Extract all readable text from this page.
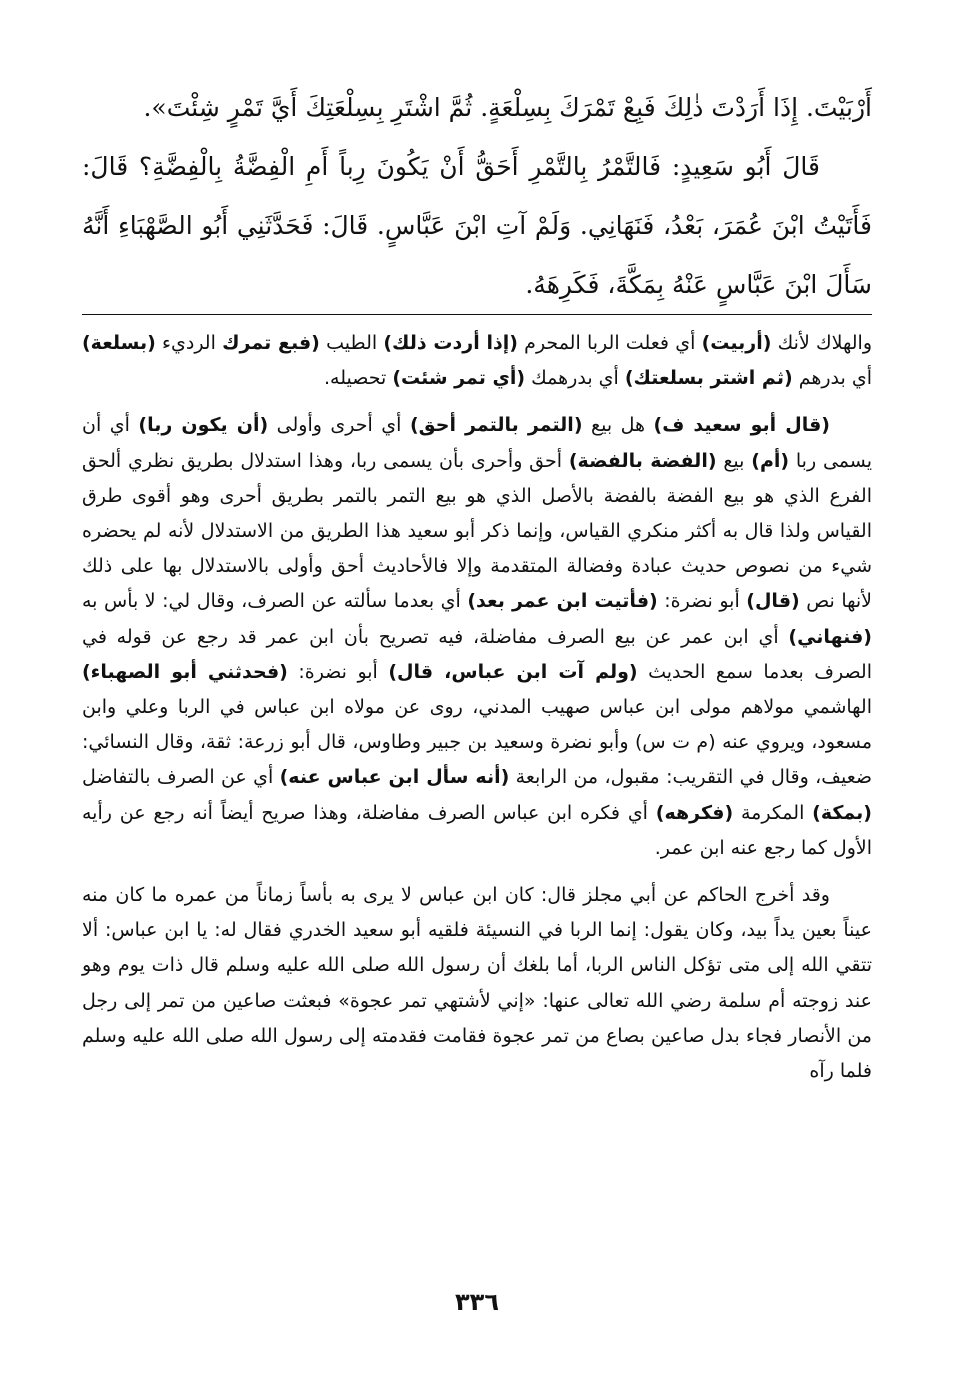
أَرْبَيْتَ. إِذَا أَرَدْتَ ذٰلِكَ فَبِعْ تَمْرَكَ بِسِلْعَةٍ. ثُمَّ اشْتَرِ بِسِلْعَتِكَ أَيَّ تَمْرٍ شِئْتَ».

قَالَ أَبُو سَعِيدٍ: فَالتَّمْرُ بِالتَّمْرِ أَحَقُّ أَنْ يَكُونَ رِباً أَمِ الْفِضَّةُ بِالْفِضَّةِ؟ قَالَ: فَأَتَيْتُ ابْنَ عُمَرَ، بَعْدُ، فَنَهَانِي. وَلَمْ آتِ ابْنَ عَبَّاسٍ. قَالَ: فَحَدَّثَنِي أَبُو الصَّهْبَاءِ أَنَّهُ سَأَلَ ابْنَ عَبَّاسٍ عَنْهُ بِمَكَّةَ، فَكَرِهَهُ.

والهلاك لأنك (أربيت) أي فعلت الربا المحرم (إذا أردت ذلك) الطيب (فبع تمرك الرديء (بسلعة) أي بدرهم (ثم اشتر بسلعتك) أي بدرهمك (أي تمر شئت) تحصيله.

(قال أبو سعيد ف) هل بيع (التمر بالتمر أحق) أي أحرى وأولى (أن يكون ربا) أي أن يسمى ربا (أم) بيع (الفضة بالفضة) أحق وأحرى بأن يسمى ربا، وهذا استدلال بطريق نظري ألحق الفرع الذي هو بيع الفضة بالفضة بالأصل الذي هو بيع التمر بالتمر بطريق أحرى وهو أقوى طرق القياس ولذا قال به أكثر منكري القياس، وإنما ذكر أبو سعيد هذا الطريق من الاستدلال لأنه لم يحضره شيء من نصوص حديث عبادة وفضالة المتقدمة وإلا فالأحاديث أحق وأولى بالاستدلال بها على ذلك لأنها نص (قال) أبو نضرة: (فأتيت ابن عمر بعد) أي بعدما سألته عن الصرف، وقال لي: لا بأس به (فنهاني) أي ابن عمر عن بيع الصرف مفاضلة، فيه تصريح بأن ابن عمر قد رجع عن قوله في الصرف بعدما سمع الحديث (ولم آت ابن عباس، قال) أبو نضرة: (فحدثني أبو الصهباء) الهاشمي مولاهم مولى ابن عباس صهيب المدني، روى عن مولاه ابن عباس في الربا وعلي وابن مسعود، ويروي عنه (م ت س) وأبو نضرة وسعيد بن جبير وطاوس، قال أبو زرعة: ثقة، وقال النسائي: ضعيف، وقال في التقريب: مقبول، من الرابعة (أنه سأل ابن عباس عنه) أي عن الصرف بالتفاضل (بمكة) المكرمة (فكرهه) أي فكره ابن عباس الصرف مفاضلة، وهذا صريح أيضاً أنه رجع عن رأيه الأول كما رجع عنه ابن عمر.

وقد أخرج الحاكم عن أبي مجلز قال: كان ابن عباس لا يرى به بأساً زماناً من عمره ما كان منه عيناً بعين يداً بيد، وكان يقول: إنما الربا في النسيئة فلقيه أبو سعيد الخدري فقال له: يا ابن عباس: ألا تتقي الله إلى متى تؤكل الناس الربا، أما بلغك أن رسول الله صلى الله عليه وسلم قال ذات يوم وهو عند زوجته أم سلمة رضي الله تعالى عنها: «إني لأشتهي تمر عجوة» فبعثت صاعين من تمر إلى رجل من الأنصار فجاء بدل صاعين بصاع من تمر عجوة فقامت فقدمته إلى رسول الله صلى الله عليه وسلم فلما رآه

٣٣٦
